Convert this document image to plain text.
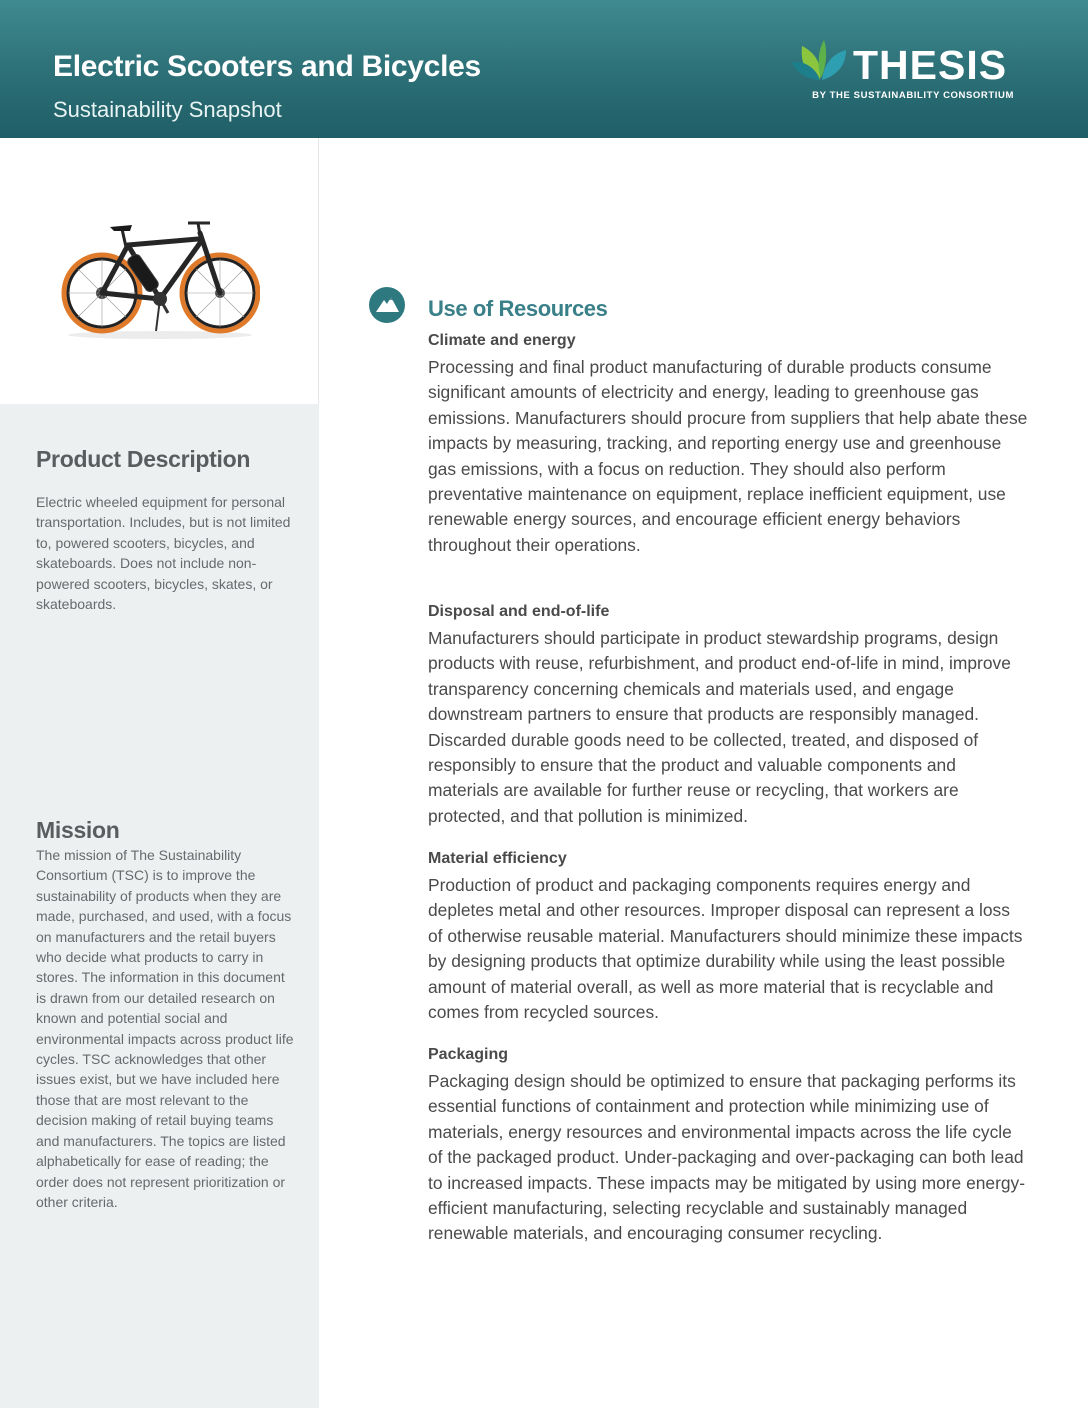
Electric Scooters and Bicycles

Sustainability Snapshot

THESIS
BY THE SUSTAINABILITY CONSORTIUM
Product Description

Electric wheeled equipment for personal transportation. Includes, but is not limited to, powered scooters, bicycles, and skateboards. Does not include non-powered scooters, bicycles, skates, or skateboards.

Mission

The mission of The Sustainability Consortium (TSC) is to improve the sustainability of products when they are made, purchased, and used, with a focus on manufacturers and the retail buyers who decide what products to carry in stores. The information in this document is drawn from our detailed research on known and potential social and environmental impacts across product life cycles. TSC acknowledges that other issues exist, but we have included here those that are most relevant to the decision making of retail buying teams and manufacturers. The topics are listed alphabetically for ease of reading; the order does not represent prioritization or other criteria.

Use of Resources
Climate and energy

Processing and final product manufacturing of durable products consume significant amounts of electricity and energy, leading to greenhouse gas emissions. Manufacturers should procure from suppliers that help abate these impacts by measuring, tracking, and reporting energy use and greenhouse gas emissions, with a focus on reduction. They should also perform preventative maintenance on equipment, replace inefficient equipment, use renewable energy sources, and encourage efficient energy behaviors throughout their operations.

Disposal and end-of-life

Manufacturers should participate in product stewardship programs, design products with reuse, refurbishment, and product end-of-life in mind, improve transparency concerning chemicals and materials used, and engage downstream partners to ensure that products are responsibly managed. Discarded durable goods need to be collected, treated, and disposed of responsibly to ensure that the product and valuable components and materials are available for further reuse or recycling, that workers are protected, and that pollution is minimized.

Material efficiency

Production of product and packaging components requires energy and depletes metal and other resources. Improper disposal can represent a loss of otherwise reusable material. Manufacturers should minimize these impacts by designing products that optimize durability while using the least possible amount of material overall, as well as more material that is recyclable and comes from recycled sources.

Packaging

Packaging design should be optimized to ensure that packaging performs its essential functions of containment and protection while minimizing use of materials, energy resources and environmental impacts across the life cycle of the packaged product. Under-packaging and over-packaging can both lead to increased impacts. These impacts may be mitigated by using more energy-efficient manufacturing, selecting recyclable and sustainably managed renewable materials, and encouraging consumer recycling.
